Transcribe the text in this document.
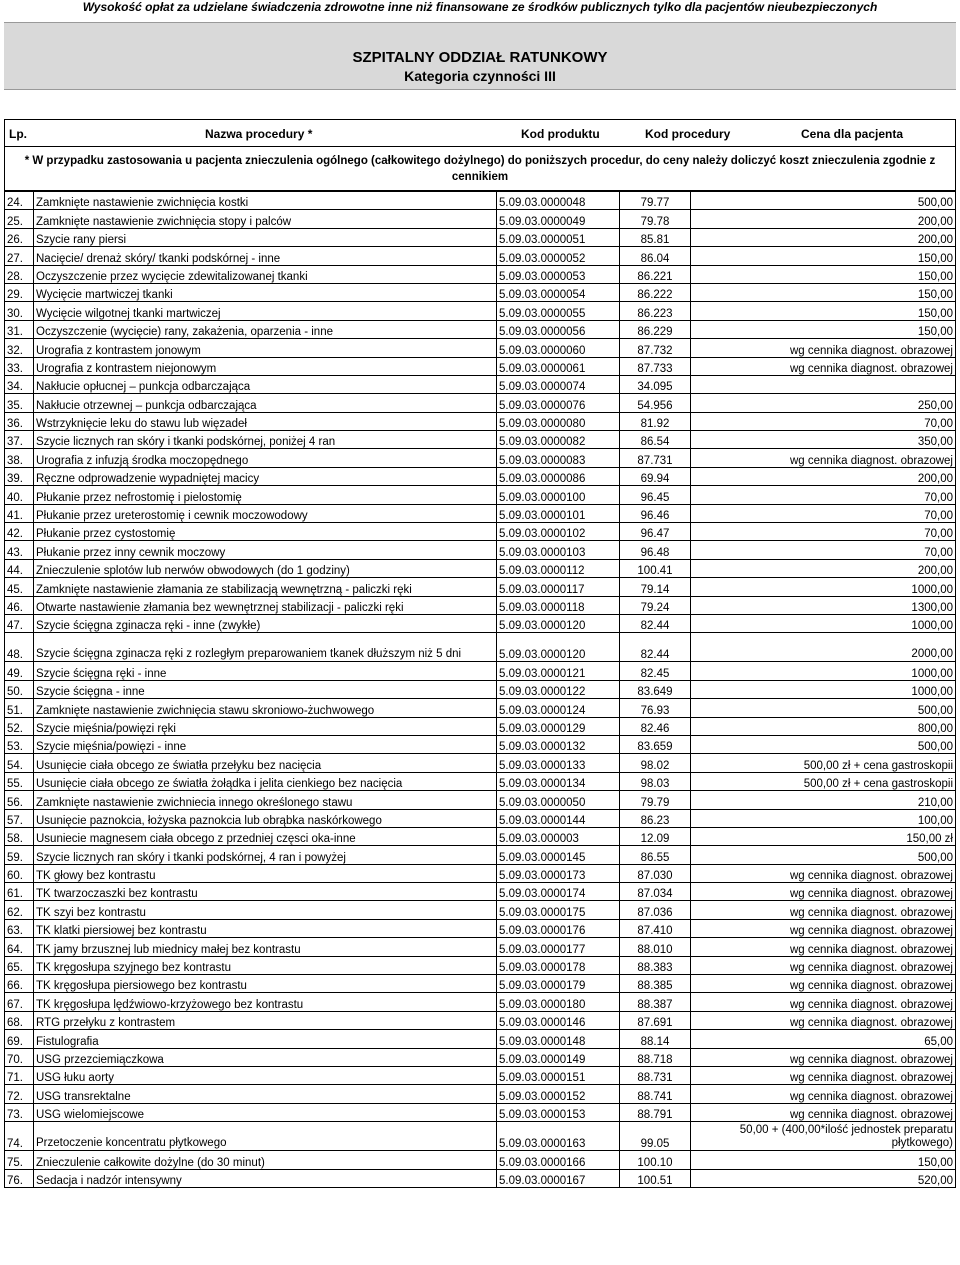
Wysokość opłat za udzielane świadczenia zdrowotne inne niż finansowane ze środków publicznych tylko dla pacjentów nieubezpieczonych
SZPITALNY ODDZIAŁ RATUNKOWY
Kategoria czynności III
Lp.	Nazwa procedury *	Kod produktu	Kod procedury	Cena dla pacjenta
* W przypadku zastosowania u pacjenta znieczulenia ogólnego (całkowitego dożylnego) do poniższych procedur, do ceny należy doliczyć koszt znieczulenia zgodnie z cennikiem
24.	Zamknięte nastawienie zwichnięcia kostki	5.09.03.0000048	79.77	500,00
25.	Zamknięte nastawienie zwichnięcia stopy i palców	5.09.03.0000049	79.78	200,00
26.	Szycie rany piersi	5.09.03.0000051	85.81	200,00
27.	Nacięcie/ drenaż skóry/ tkanki podskórnej - inne	5.09.03.0000052	86.04	150,00
28.	Oczyszczenie przez wycięcie zdewitalizowanej tkanki	5.09.03.0000053	86.221	150,00
29.	Wycięcie martwiczej tkanki	5.09.03.0000054	86.222	150,00
30.	Wycięcie wilgotnej tkanki martwiczej	5.09.03.0000055	86.223	150,00
31.	Oczyszczenie (wycięcie) rany, zakażenia, oparzenia - inne	5.09.03.0000056	86.229	150,00
32.	Urografia z kontrastem jonowym	5.09.03.0000060	87.732	wg cennika diagnost. obrazowej
33.	Urografia z kontrastem niejonowym	5.09.03.0000061	87.733	wg cennika diagnost. obrazowej
34.	Nakłucie opłucnej – punkcja odbarczająca	5.09.03.0000074	34.095	
35.	Nakłucie otrzewnej – punkcja odbarczająca	5.09.03.0000076	54.956	250,00
36.	Wstrzyknięcie leku do stawu lub więzadeł	5.09.03.0000080	81.92	70,00
37.	Szycie licznych ran skóry i tkanki podskórnej, poniżej 4 ran	5.09.03.0000082	86.54	350,00
38.	Urografia z infuzją środka moczopędnego	5.09.03.0000083	87.731	wg cennika diagnost. obrazowej
39.	Ręczne odprowadzenie wypadniętej macicy	5.09.03.0000086	69.94	200,00
40.	Płukanie przez nefrostomię i pielostomię	5.09.03.0000100	96.45	70,00
41.	Płukanie przez ureterostomię i cewnik moczowodowy	5.09.03.0000101	96.46	70,00
42.	Płukanie przez cystostomię	5.09.03.0000102	96.47	70,00
43.	Płukanie przez inny cewnik moczowy	5.09.03.0000103	96.48	70,00
44.	Znieczulenie splotów lub nerwów obwodowych (do 1 godziny)	5.09.03.0000112	100.41	200,00
45.	Zamknięte nastawienie złamania ze stabilizacją wewnętrzną - paliczki ręki	5.09.03.0000117	79.14	1000,00
46.	Otwarte nastawienie złamania bez wewnętrznej stabilizacji - paliczki ręki	5.09.03.0000118	79.24	1300,00
47.	Szycie ścięgna zginacza ręki - inne (zwykłe)	5.09.03.0000120	82.44	1000,00
48.	Szycie ścięgna zginacza ręki z rozległym preparowaniem tkanek dłuższym niż 5 dni	5.09.03.0000120	82.44	2000,00
49.	Szycie ścięgna ręki - inne	5.09.03.0000121	82.45	1000,00
50.	Szycie ścięgna - inne	5.09.03.0000122	83.649	1000,00
51.	Zamknięte nastawienie zwichnięcia stawu skroniowo-żuchwowego	5.09.03.0000124	76.93	500,00
52.	Szycie mięśnia/powięzi ręki	5.09.03.0000129	82.46	800,00
53.	Szycie mięśnia/powięzi - inne	5.09.03.0000132	83.659	500,00
54.	Usunięcie ciała obcego ze światła przełyku bez nacięcia	5.09.03.0000133	98.02	500,00 zł + cena gastroskopii
55.	Usunięcie ciała obcego ze światła żołądka i jelita cienkiego bez nacięcia	5.09.03.0000134	98.03	500,00 zł + cena gastroskopii
56.	Zamknięte nastawienie zwichniecia innego określonego stawu	5.09.03.0000050	79.79	210,00
57.	Usunięcie paznokcia, łożyska paznokcia lub obrąbka naskórkowego	5.09.03.0000144	86.23	100,00
58.	Usuniecie magnesem ciała obcego z przedniej częsci oka-inne	5.09.03.000003	12.09	150,00 zł
59.	Szycie licznych ran skóry i tkanki podskórnej, 4 ran i powyżej	5.09.03.0000145	86.55	500,00
60.	TK głowy bez kontrastu	5.09.03.0000173	87.030	wg cennika diagnost. obrazowej
61.	TK twarzoczaszki bez kontrastu	5.09.03.0000174	87.034	wg cennika diagnost. obrazowej
62.	TK szyi bez kontrastu	5.09.03.0000175	87.036	wg cennika diagnost. obrazowej
63.	TK klatki piersiowej bez kontrastu	5.09.03.0000176	87.410	wg cennika diagnost. obrazowej
64.	TK jamy brzusznej lub miednicy małej bez kontrastu	5.09.03.0000177	88.010	wg cennika diagnost. obrazowej
65.	TK kręgosłupa szyjnego bez kontrastu	5.09.03.0000178	88.383	wg cennika diagnost. obrazowej
66.	TK kręgosłupa piersiowego bez kontrastu	5.09.03.0000179	88.385	wg cennika diagnost. obrazowej
67.	TK kręgosłupa lędźwiowo-krzyżowego bez kontrastu	5.09.03.0000180	88.387	wg cennika diagnost. obrazowej
68.	RTG przełyku z kontrastem	5.09.03.0000146	87.691	wg cennika diagnost. obrazowej
69.	Fistulografia	5.09.03.0000148	88.14	65,00
70.	USG przezciemiączkowa	5.09.03.0000149	88.718	wg cennika diagnost. obrazowej
71.	USG łuku aorty	5.09.03.0000151	88.731	wg cennika diagnost. obrazowej
72.	USG transrektalne	5.09.03.0000152	88.741	wg cennika diagnost. obrazowej
73.	USG wielomiejscowe	5.09.03.0000153	88.791	wg cennika diagnost. obrazowej
74.	Przetoczenie koncentratu płytkowego	5.09.03.0000163	99.05	50,00 + (400,00*ilość jednostek preparatu płytkowego)
75.	Znieczulenie całkowite dożylne (do 30 minut)	5.09.03.0000166	100.10	150,00
76.	Sedacja i nadzór intensywny	5.09.03.0000167	100.51	520,00
